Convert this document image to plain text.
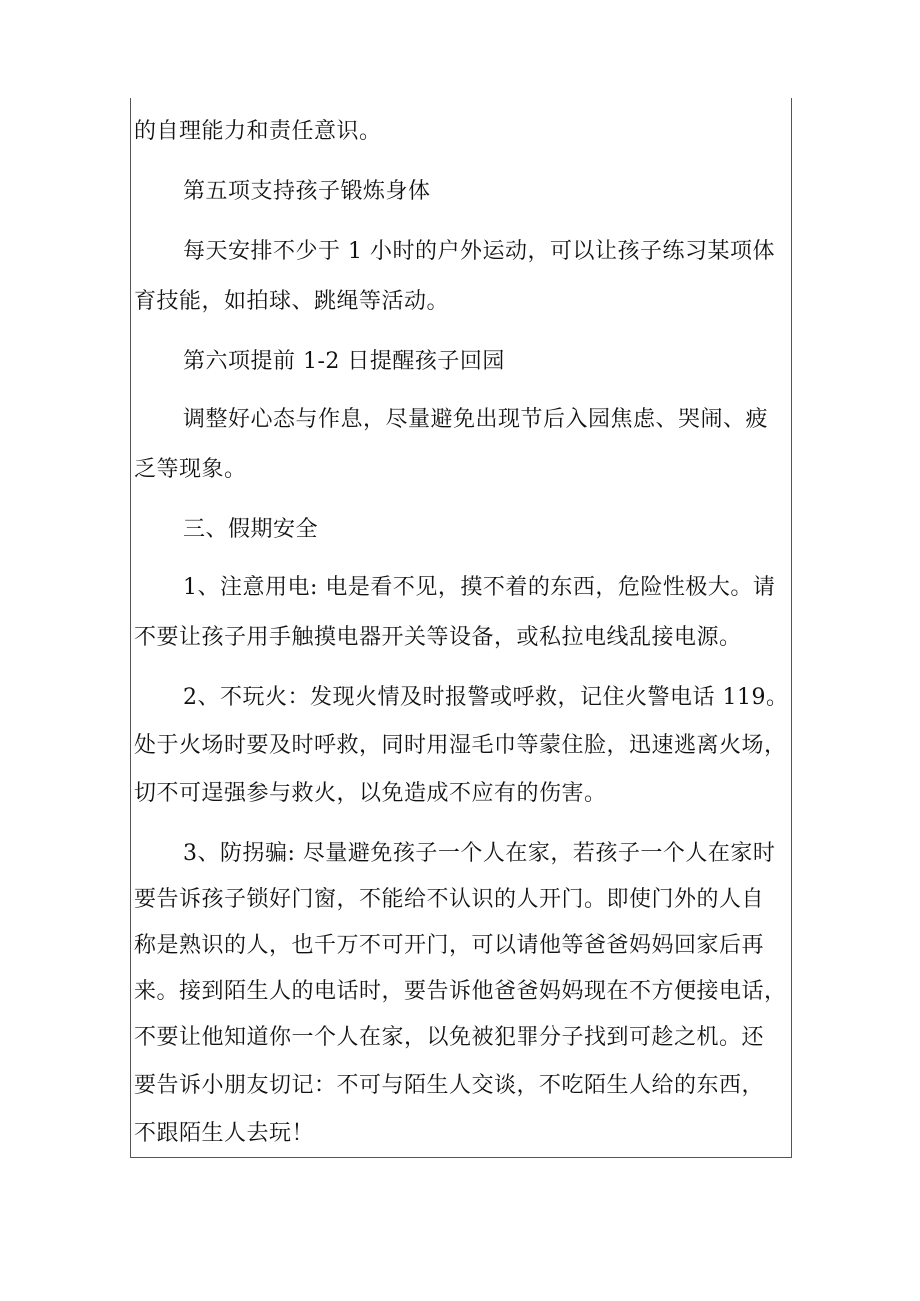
的自理能力和责任意识。
第五项支持孩子锻炼身体
每天安排不少于 1 小时的户外运动，可以让孩子练习某项体
育技能，如拍球、跳绳等活动。
第六项提前 1-2 日提醒孩子回园
调整好心态与作息，尽量避免出现节后入园焦虑、哭闹、疲
乏等现象。
三、假期安全
1、注意用电: 电是看不见，摸不着的东西，危险性极大。请
不要让孩子用手触摸电器开关等设备，或私拉电线乱接电源。
2、不玩火：发现火情及时报警或呼救，记住火警电话 119。
处于火场时要及时呼救，同时用湿毛巾等蒙住脸，迅速逃离火场，
切不可逞强参与救火，以免造成不应有的伤害。
3、防拐骗: 尽量避免孩子一个人在家，若孩子一个人在家时
要告诉孩子锁好门窗，不能给不认识的人开门。即使门外的人自
称是熟识的人，也千万不可开门，可以请他等爸爸妈妈回家后再
来。接到陌生人的电话时，要告诉他爸爸妈妈现在不方便接电话，
不要让他知道你一个人在家，以免被犯罪分子找到可趁之机。还
要告诉小朋友切记：不可与陌生人交谈，不吃陌生人给的东西，
不跟陌生人去玩！
